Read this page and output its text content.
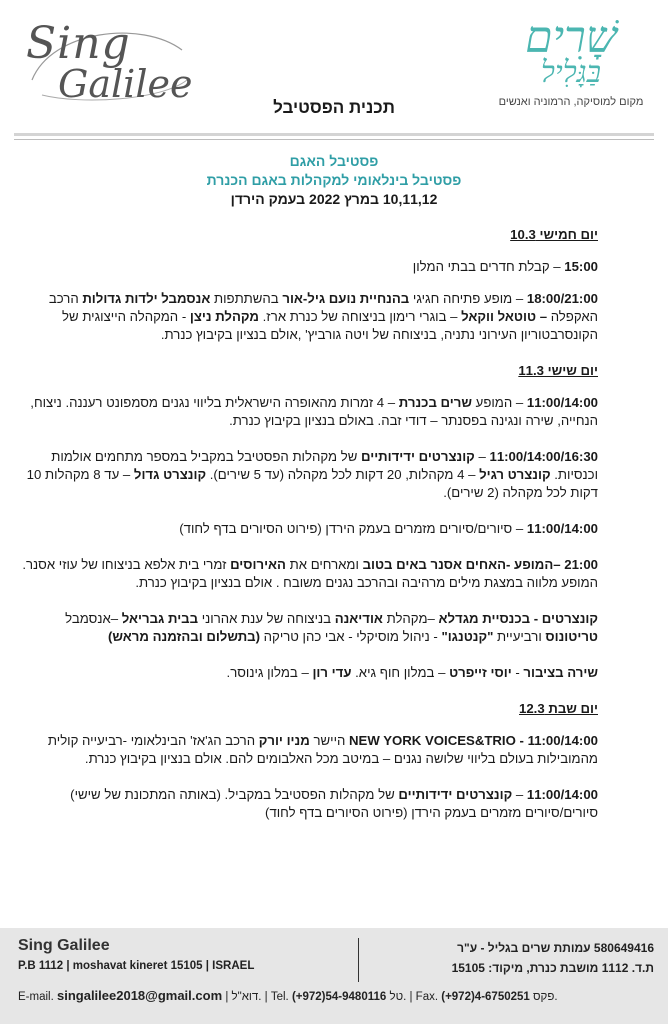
Sing
Galilee
שָׁרִים
בַּגָּלִיל
מקום למוסיקה, הרמוניה ואנשים
תכנית הפסטיבל
פסטיבל האגם
פסטיבל בינלאומי למקהלות באגם הכנרת
10,11,12 במרץ 2022 בעמק הירדן
יום חמישי 10.3
15:00 – קבלת חדרים בבתי המלון
18:00/21:00 – מופע פתיחה חגיגי בהנחיית נועם גיל-אור בהשתתפות אנסמבל ילדות גדולות הרכב האקפלה – טוטאל ווקאל – בוגרי רימון בניצוחה של כנרת ארז. מקהלת ניצן - המקהלה הייצוגית של הקונסרבטוריון העירוני נתניה, בניצוחה של ויטה גורביץ' ,אולם בנציון בקיבוץ כנרת.
יום שישי 11.3
11:00/14:00 – המופע שרים בכנרת – 4 זמרות מהאופרה הישראלית בליווי נגנים מסמפונט רעננה. ניצוח, הנחייה, שירה ונגינה בפסנתר – דודי זבה. באולם בנציון בקיבוץ כנרת.
11:00/14:00/16:30 – קונצרטים ידידותיים של מקהלות הפסטיבל במקביל במספר מתחמים אולמות וכנסיות. קונצרט רגיל – 4 מקהלות, 20 דקות לכל מקהלה (עד 5 שירים). קונצרט גדול – עד 8 מקהלות 10 דקות לכל מקהלה (2 שירים).
11:00/14:00 – סיורים/סיורים מזמרים בעמק הירדן (פירוט הסיורים בדף לחוד)
21:00 –המופע -האחים אסנר באים בטוב ומארחים את האירוסים זמרי בית אלפא בניצוחו של עוזי אסנר. המופע מלווה במצגת מילים מרהיבה ובהרכב נגנים משובח . אולם בנציון בקיבוץ כנרת.
קונצרטים - בכנסיית מגדלא –מקהלת אודיאנה בניצוחה של ענת אהרוני בבית גבריאל –אנסמבל טריטונוס ורביעיית "קנטנגו" - ניהול מוסיקלי - אבי כהן טריקה (בתשלום ובהזמנה מראש)
שירה בציבור - יוסי זייפרט – במלון חוף גיא. עדי רון – במלון גינוסר.
יום שבת 12.3
11:00/14:00 - NEW YORK VOICES&TRIO היישר מניו יורק הרכב הג'אז' הבינלאומי -רביעייה קולית מהמובילות בעולם בליווי שלושה נגנים – במיטב מכל האלבומים להם. אולם בנציון בקיבוץ כנרת.
11:00/14:00 – קונצרטים ידידותיים של מקהלות הפסטיבל במקביל. (באותה המתכונת של שישי) סיורים/סיורים מזמרים בעמק הירדן (פירוט הסיורים בדף לחוד)
Sing Galilee
P.B 1112 | moshavat kineret 15105 | ISRAEL
580649416 עמותת שרים בגליל - ע"ר
ת.ד. 1112 מושבת כנרת, מיקוד: 15105
E-mail. singalilee2018@gmail.com | דוא"ל. | Tel. (+972)54-9480116 טל. | Fax. (+972)4-6750251 פקס.
